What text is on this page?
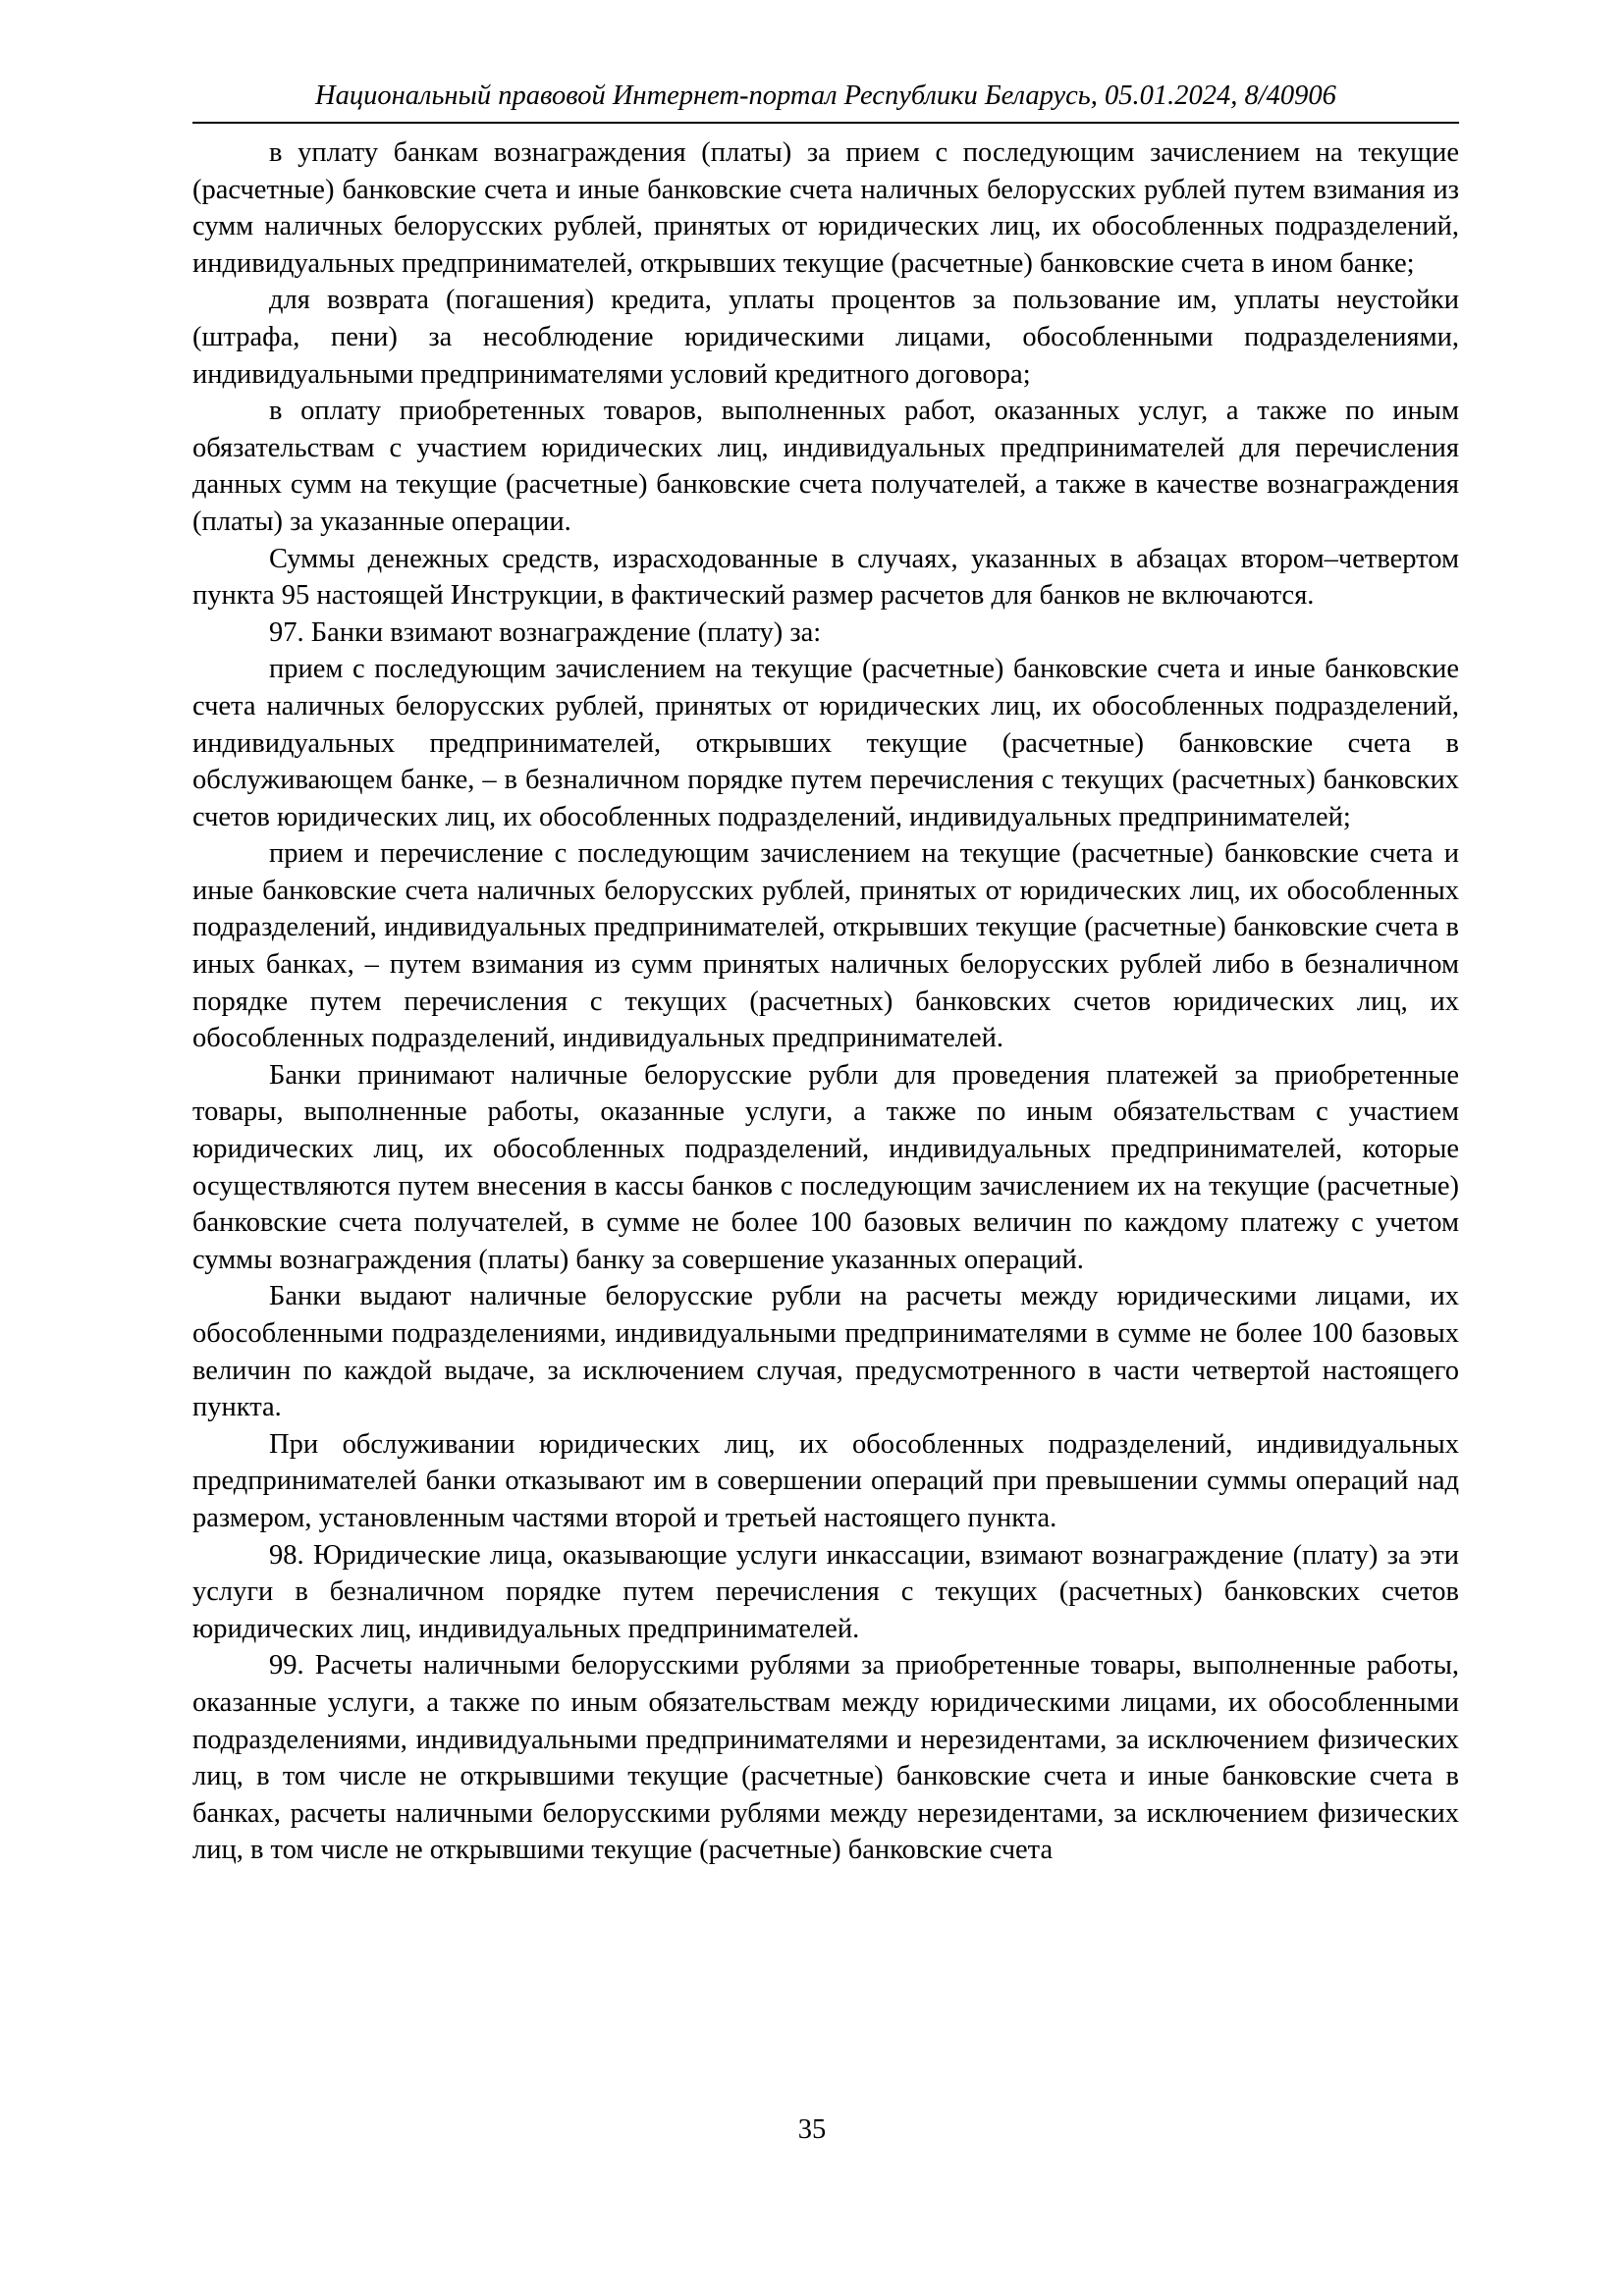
Национальный правовой Интернет-портал Республики Беларусь, 05.01.2024, 8/40906

в уплату банкам вознаграждения (платы) за прием с последующим зачислением на текущие (расчетные) банковские счета и иные банковские счета наличных белорусских рублей путем взимания из сумм наличных белорусских рублей, принятых от юридических лиц, их обособленных подразделений, индивидуальных предпринимателей, открывших текущие (расчетные) банковские счета в ином банке;

для возврата (погашения) кредита, уплаты процентов за пользование им, уплаты неустойки (штрафа, пени) за несоблюдение юридическими лицами, обособленными подразделениями, индивидуальными предпринимателями условий кредитного договора;

в оплату приобретенных товаров, выполненных работ, оказанных услуг, а также по иным обязательствам с участием юридических лиц, индивидуальных предпринимателей для перечисления данных сумм на текущие (расчетные) банковские счета получателей, а также в качестве вознаграждения (платы) за указанные операции.

Суммы денежных средств, израсходованные в случаях, указанных в абзацах втором–четвертом пункта 95 настоящей Инструкции, в фактический размер расчетов для банков не включаются.

97. Банки взимают вознаграждение (плату) за:

прием с последующим зачислением на текущие (расчетные) банковские счета и иные банковские счета наличных белорусских рублей, принятых от юридических лиц, их обособленных подразделений, индивидуальных предпринимателей, открывших текущие (расчетные) банковские счета в обслуживающем банке, – в безналичном порядке путем перечисления с текущих (расчетных) банковских счетов юридических лиц, их обособленных подразделений, индивидуальных предпринимателей;

прием и перечисление с последующим зачислением на текущие (расчетные) банковские счета и иные банковские счета наличных белорусских рублей, принятых от юридических лиц, их обособленных подразделений, индивидуальных предпринимателей, открывших текущие (расчетные) банковские счета в иных банках, – путем взимания из сумм принятых наличных белорусских рублей либо в безналичном порядке путем перечисления с текущих (расчетных) банковских счетов юридических лиц, их обособленных подразделений, индивидуальных предпринимателей.

Банки принимают наличные белорусские рубли для проведения платежей за приобретенные товары, выполненные работы, оказанные услуги, а также по иным обязательствам с участием юридических лиц, их обособленных подразделений, индивидуальных предпринимателей, которые осуществляются путем внесения в кассы банков с последующим зачислением их на текущие (расчетные) банковские счета получателей, в сумме не более 100 базовых величин по каждому платежу с учетом суммы вознаграждения (платы) банку за совершение указанных операций.

Банки выдают наличные белорусские рубли на расчеты между юридическими лицами, их обособленными подразделениями, индивидуальными предпринимателями в сумме не более 100 базовых величин по каждой выдаче, за исключением случая, предусмотренного в части четвертой настоящего пункта.

При обслуживании юридических лиц, их обособленных подразделений, индивидуальных предпринимателей банки отказывают им в совершении операций при превышении суммы операций над размером, установленным частями второй и третьей настоящего пункта.

98. Юридические лица, оказывающие услуги инкассации, взимают вознаграждение (плату) за эти услуги в безналичном порядке путем перечисления с текущих (расчетных) банковских счетов юридических лиц, индивидуальных предпринимателей.

99. Расчеты наличными белорусскими рублями за приобретенные товары, выполненные работы, оказанные услуги, а также по иным обязательствам между юридическими лицами, их обособленными подразделениями, индивидуальными предпринимателями и нерезидентами, за исключением физических лиц, в том числе не открывшими текущие (расчетные) банковские счета и иные банковские счета в банках, расчеты наличными белорусскими рублями между нерезидентами, за исключением физических лиц, в том числе не открывшими текущие (расчетные) банковские счета

35
